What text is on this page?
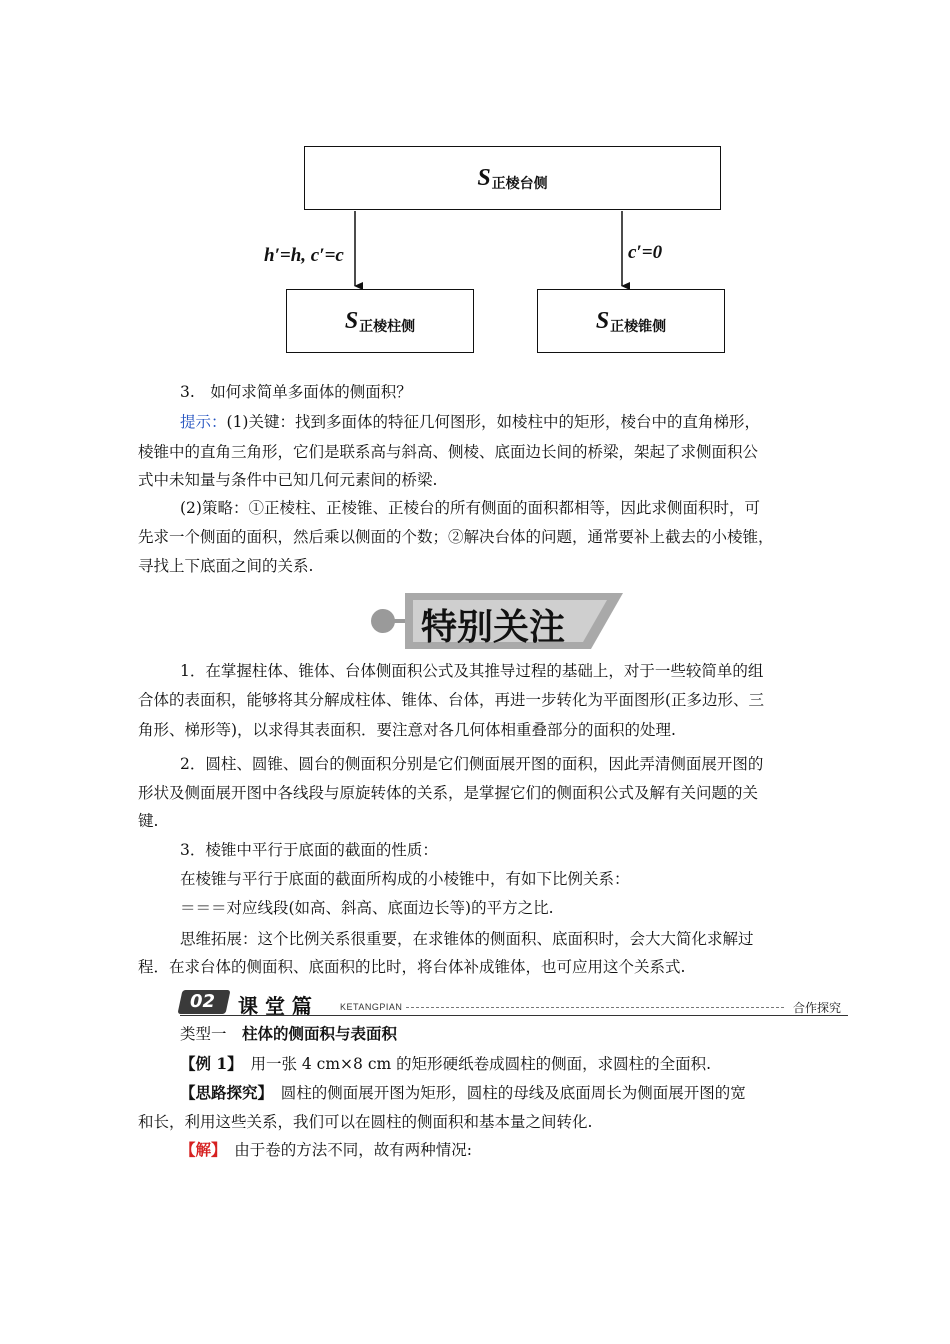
S 正棱台侧
h′=h, c′=c	c′=0
S 正棱柱侧	S 正棱锥侧
3.　如何求简单多面体的侧面积？
提示：(1)关键：找到多面体的特征几何图形，如棱柱中的矩形，棱台中的直角梯形，
棱锥中的直角三角形，它们是联系高与斜高、侧棱、底面边长间的桥梁，架起了求侧面积公
式中未知量与条件中已知几何元素间的桥梁.
(2)策略：①正棱柱、正棱锥、正棱台的所有侧面的面积都相等，因此求侧面积时，可
先求一个侧面的面积，然后乘以侧面的个数；②解决台体的问题，通常要补上截去的小棱锥，
寻找上下底面之间的关系.
特别关注
1．在掌握柱体、锥体、台体侧面积公式及其推导过程的基础上，对于一些较简单的组
合体的表面积，能够将其分解成柱体、锥体、台体，再进一步转化为平面图形(正多边形、三
角形、梯形等)，以求得其表面积．要注意对各几何体相重叠部分的面积的处理.
2．圆柱、圆锥、圆台的侧面积分别是它们侧面展开图的面积，因此弄清侧面展开图的
形状及侧面展开图中各线段与原旋转体的关系，是掌握它们的侧面积公式及解有关问题的关
键.
3．棱锥中平行于底面的截面的性质：
在棱锥与平行于底面的截面所构成的小棱锥中，有如下比例关系：
＝＝＝对应线段(如高、斜高、底面边长等)的平方之比.
思维拓展：这个比例关系很重要，在求锥体的侧面积、底面积时，会大大简化求解过
程．在求台体的侧面积、底面积的比时，将台体补成锥体，也可应用这个关系式.
02 课 堂 篇	KETANGPIAN	合作探究
类型一　 柱体的侧面积与表面积
【例 1】　 用一张 4 cm×8 cm 的矩形硬纸卷成圆柱的侧面，求圆柱的全面积.
【思路探究】　 圆柱的侧面展开图为矩形，圆柱的母线及底面周长为侧面展开图的宽
和长，利用这些关系，我们可以在圆柱的侧面积和基本量之间转化.
【解】　 由于卷的方法不同，故有两种情况:
